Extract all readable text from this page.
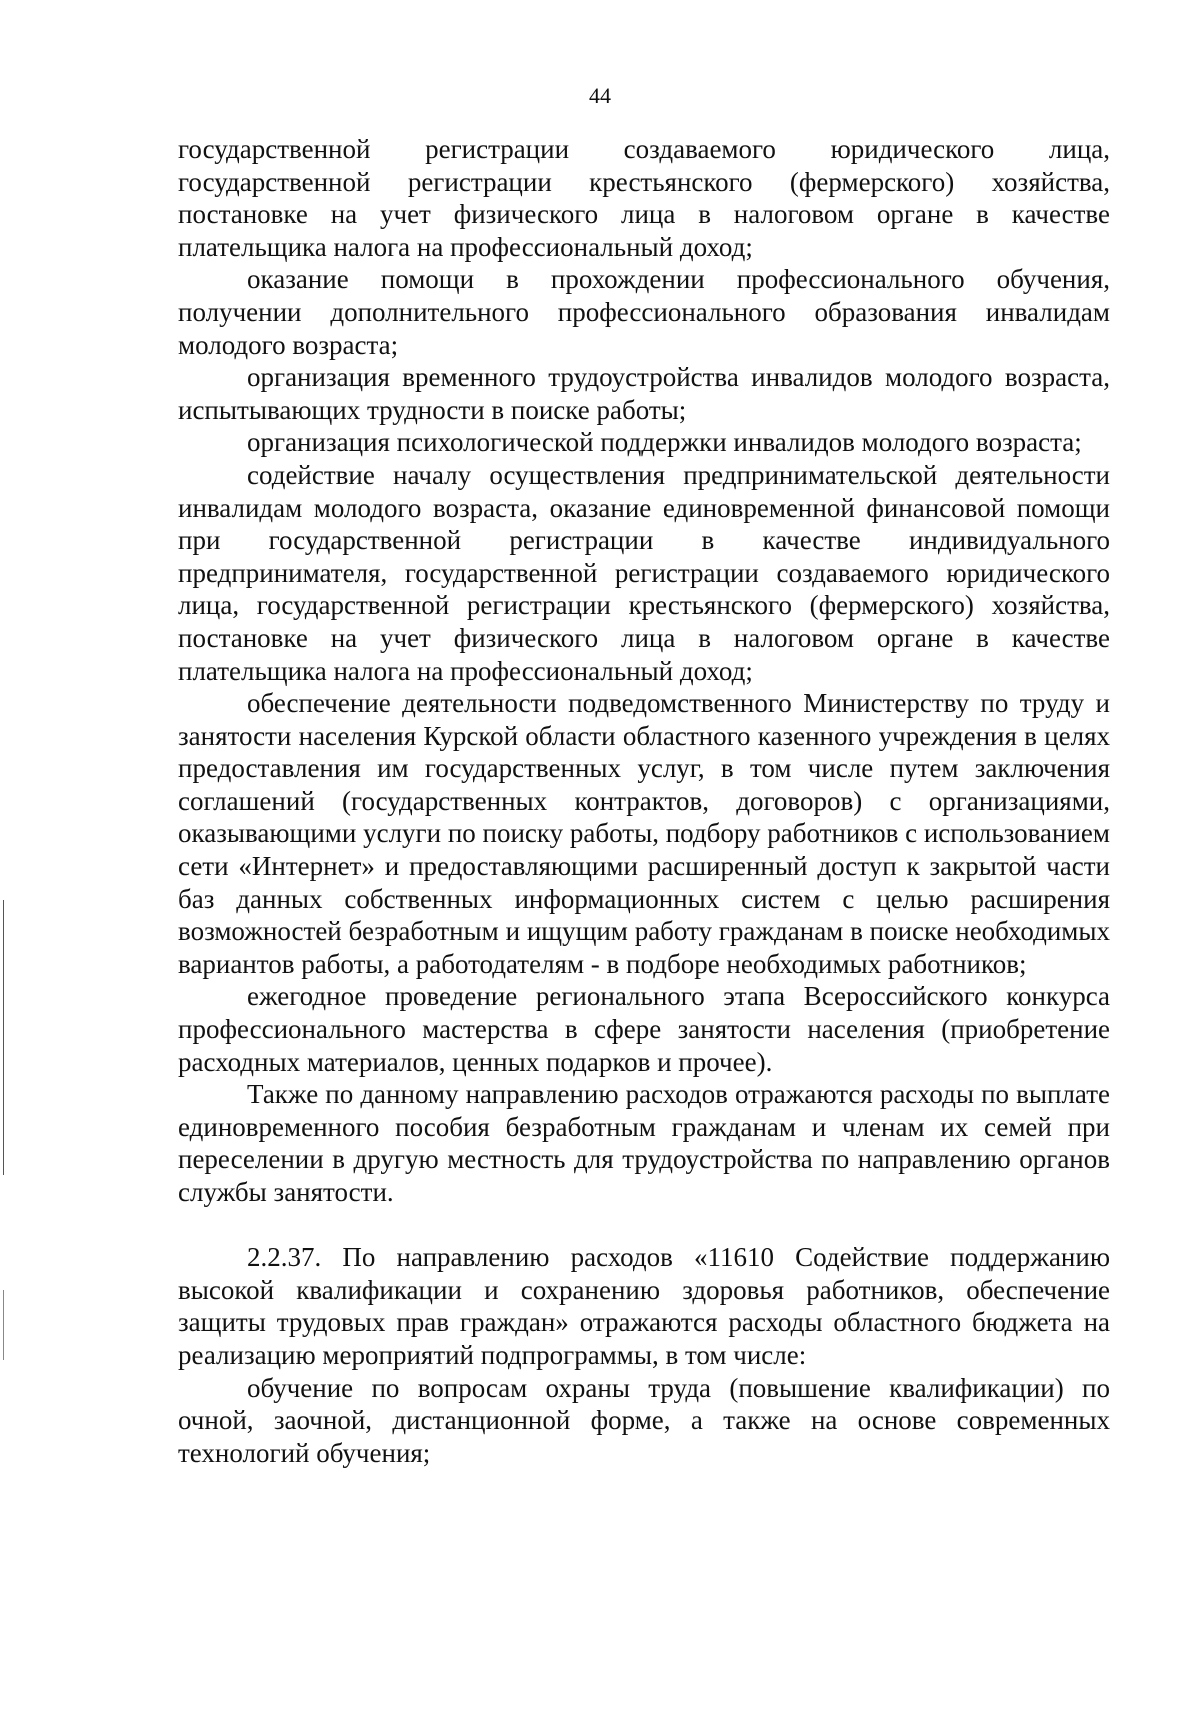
44

государственной регистрации создаваемого юридического лица, государственной регистрации крестьянского (фермерского) хозяйства, постановке на учет физического лица в налоговом органе в качестве плательщика налога на профессиональный доход;

оказание помощи в прохождении профессионального обучения, получении дополнительного профессионального образования инвалидам молодого возраста;

организация временного трудоустройства инвалидов молодого возраста, испытывающих трудности в поиске работы;

организация психологической поддержки инвалидов молодого возраста;

содействие началу осуществления предпринимательской деятельности инвалидам молодого возраста, оказание единовременной финансовой помощи при государственной регистрации в качестве индивидуального предпринимателя, государственной регистрации создаваемого юридического лица, государственной регистрации крестьянского (фермерского) хозяйства, постановке на учет физического лица в налоговом органе в качестве плательщика налога на профессиональный доход;

обеспечение деятельности подведомственного Министерству по труду и занятости населения Курской области областного казенного учреждения в целях предоставления им государственных услуг, в том числе путем заключения соглашений (государственных контрактов, договоров) с организациями, оказывающими услуги по поиску работы, подбору работников с использованием сети «Интернет» и предоставляющими расширенный доступ к закрытой части баз данных собственных информационных систем с целью расширения возможностей безработным и ищущим работу гражданам в поиске необходимых вариантов работы, а работодателям - в подборе необходимых работников;

ежегодное проведение регионального этапа Всероссийского конкурса профессионального мастерства в сфере занятости населения (приобретение расходных материалов, ценных подарков и прочее).

Также по данному направлению расходов отражаются расходы по выплате единовременного пособия безработным гражданам и членам их семей при переселении в другую местность для трудоустройства по направлению органов службы занятости.

2.2.37. По направлению расходов «11610 Содействие поддержанию высокой квалификации и сохранению здоровья работников, обеспечение защиты трудовых прав граждан» отражаются расходы областного бюджета на реализацию мероприятий подпрограммы, в том числе:

обучение по вопросам охраны труда (повышение квалификации) по очной, заочной, дистанционной форме, а также на основе современных технологий обучения;
